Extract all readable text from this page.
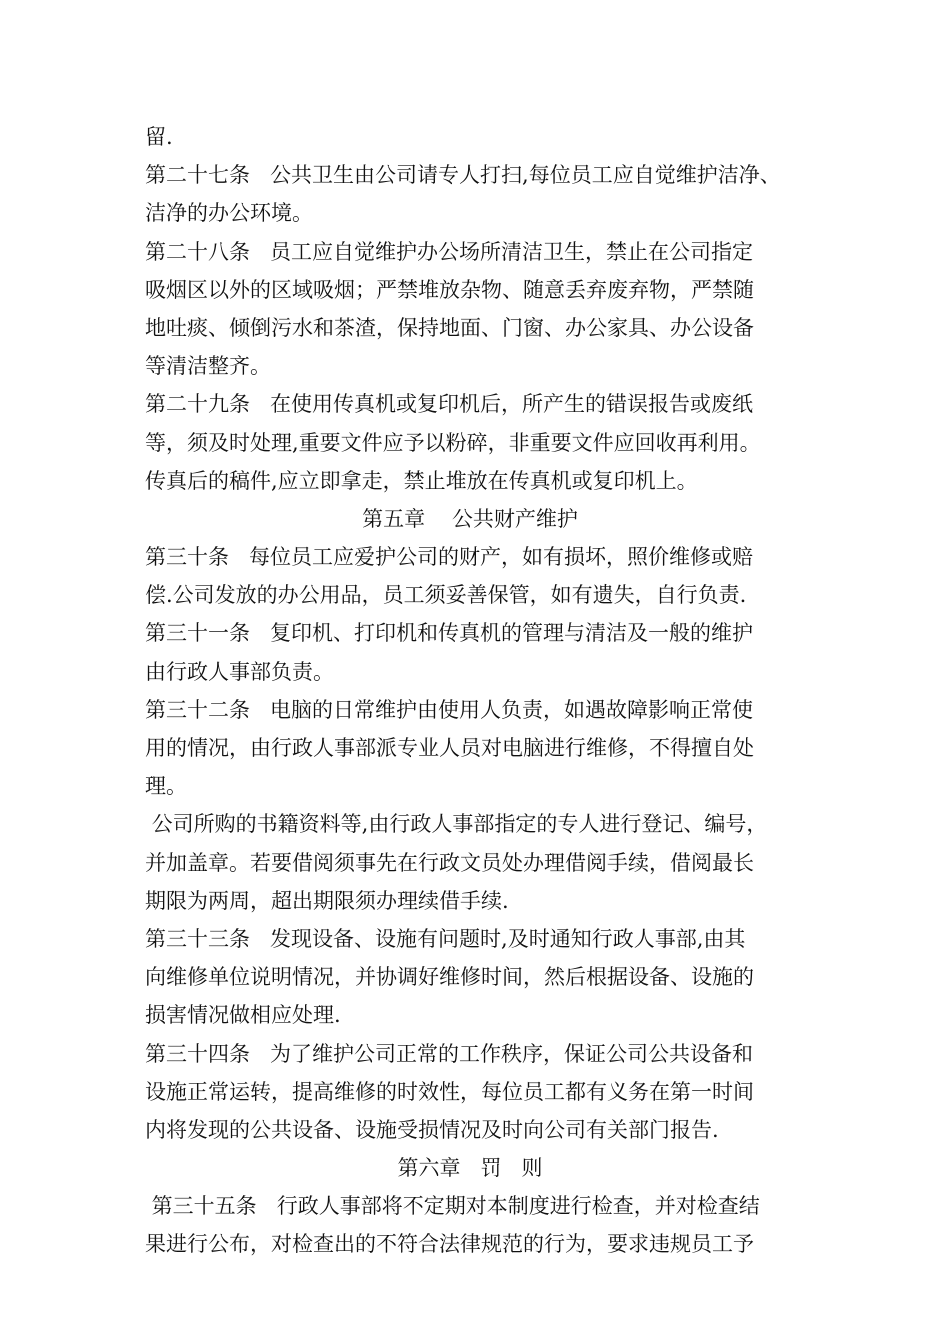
留.
第二十七条   公共卫生由公司请专人打扫,每位员工应自觉维护洁净、
洁净的办公环境。
第二十八条   员工应自觉维护办公场所清洁卫生，禁止在公司指定
吸烟区以外的区域吸烟；严禁堆放杂物、随意丢弃废弃物，严禁随
地吐痰、倾倒污水和茶渣，保持地面、门窗、办公家具、办公设备
等清洁整齐。
第二十九条   在使用传真机或复印机后，所产生的错误报告或废纸
等，须及时处理,重要文件应予以粉碎，非重要文件应回收再利用。
传真后的稿件,应立即拿走，禁止堆放在传真机或复印机上。
第五章    公共财产维护
第三十条   每位员工应爱护公司的财产，如有损坏，照价维修或赔
偿.公司发放的办公用品，员工须妥善保管，如有遗失，自行负责.
第三十一条   复印机、打印机和传真机的管理与清洁及一般的维护
由行政人事部负责。
第三十二条   电脑的日常维护由使用人负责，如遇故障影响正常使
用的情况，由行政人事部派专业人员对电脑进行维修，不得擅自处
理。
公司所购的书籍资料等,由行政人事部指定的专人进行登记、编号，
并加盖章。若要借阅须事先在行政文员处办理借阅手续，借阅最长
期限为两周，超出期限须办理续借手续.
第三十三条   发现设备、设施有问题时,及时通知行政人事部,由其
向维修单位说明情况，并协调好维修时间，然后根据设备、设施的
损害情况做相应处理.
第三十四条   为了维护公司正常的工作秩序，保证公司公共设备和
设施正常运转，提高维修的时效性，每位员工都有义务在第一时间
内将发现的公共设备、设施受损情况及时向公司有关部门报告.
第六章   罚   则
第三十五条   行政人事部将不定期对本制度进行检查，并对检查结
果进行公布，对检查出的不符合法律规范的行为，要求违规员工予
